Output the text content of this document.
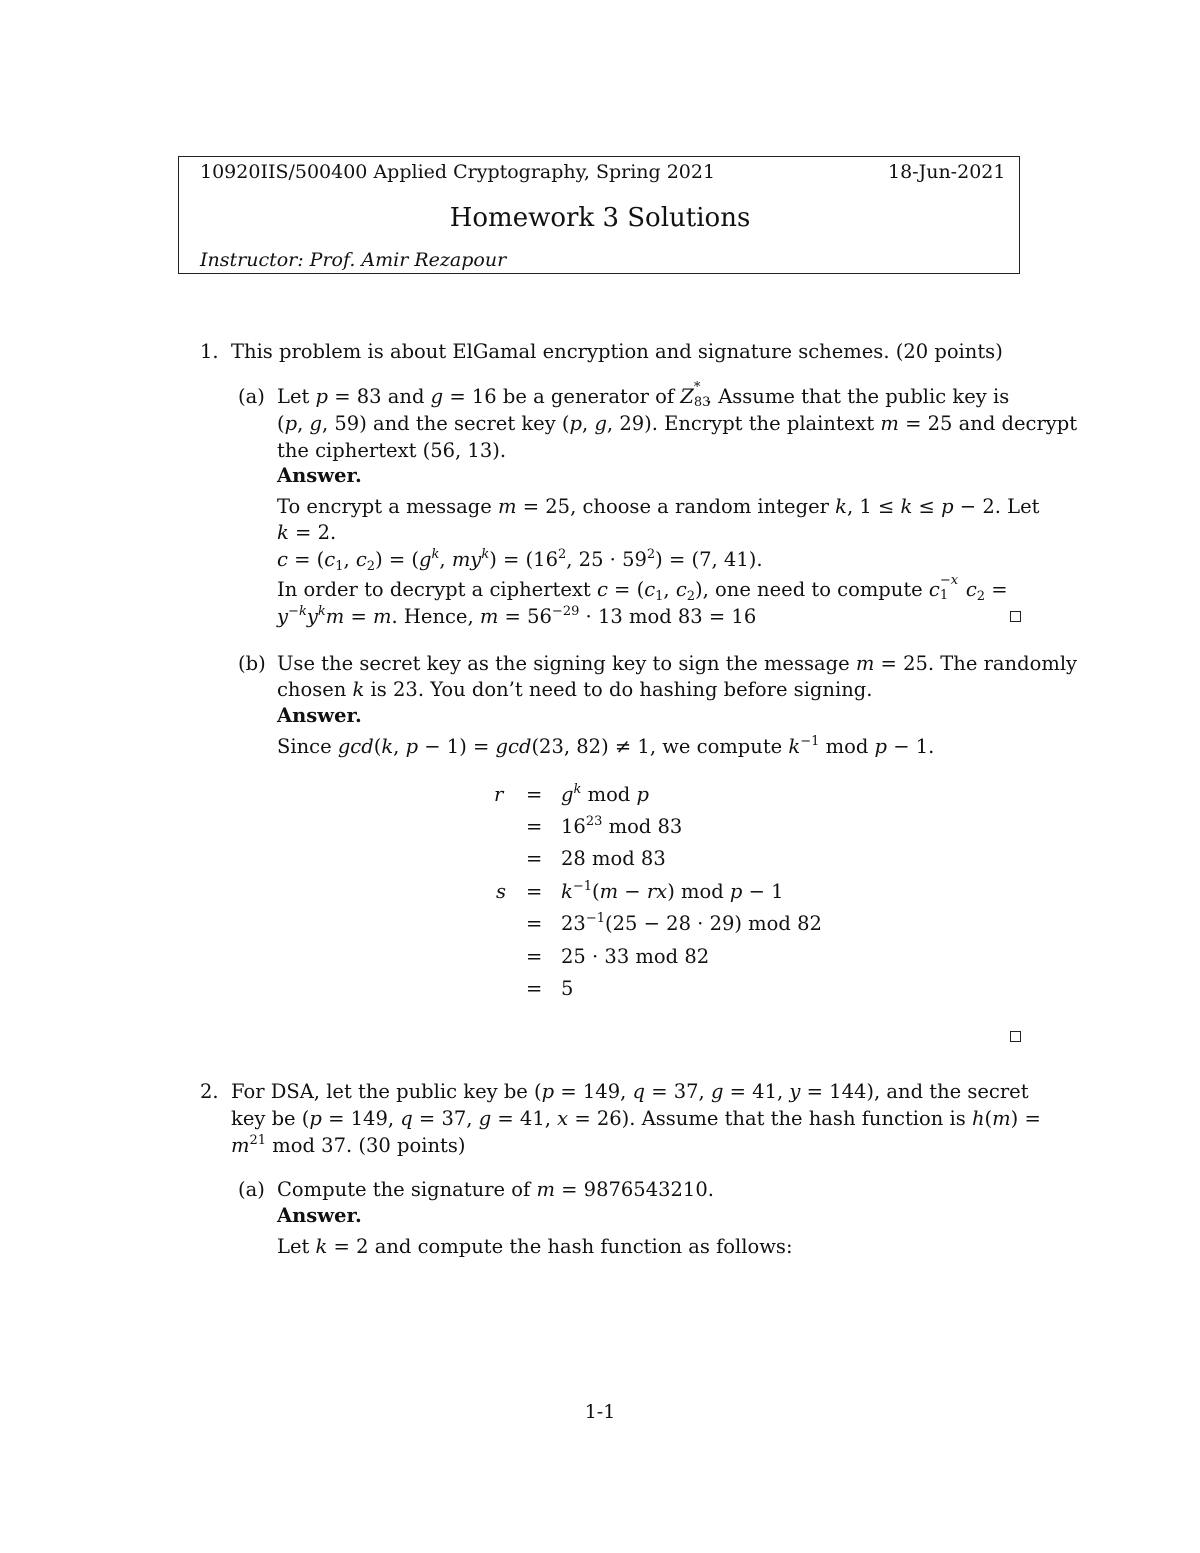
10920IIS/500400 Applied Cryptography, Spring 2021	18-Jun-2021
Homework 3 Solutions
Instructor: Prof. Amir Rezapour
1. This problem is about ElGamal encryption and signature schemes. (20 points)
(a) Let p = 83 and g = 16 be a generator of Z *
83
. Assume that the public key is
(p, g, 59) and the secret key (p, g, 29). Encrypt the plaintext m = 25 and decrypt
the ciphertext (56, 13).
Answer.
To encrypt a message m = 25, choose a random integer k, 1 ≤ k ≤ p − 2. Let
k = 2.
$c = (c_1$, $c_2) = (g^k$, $my^k) = (16^2$, $25 \cdot 59^2) = (7$, 41).
In order to decrypt a ciphertext $c = (c_1$, $c_2$), one need to compute c −x
1 $c_2$ =
$y^{-k}y^km = m$. Hence, $m = 56^{-29} \cdot 13$ mod 83 = 16
(b) Use the secret key as the signing key to sign the message m = 25. The randomly
chosen k is 23. You don’t need to do hashing before signing.
Answer.
Since gcd(k, p − 1) = gcd(23, 82) ≠ 1, we compute $k^{-1}$ mod p − 1.
$r = g^k$ mod p
= $16^{23}$ mod 83
= 28 mod 83
$s = k^{-1}(m - rx)$ mod p − 1
= $23^{-1}(25 - 28 \cdot 29)$ mod 82
= 25 · 33 mod 82
= 5
2. For DSA, let the public key be (p = 149, q = 37, g = 41, y = 144), and the secret
key be (p = 149, q = 37, g = 41, x = 26). Assume that the hash function is h(m) =
$m^{21}$ mod 37. (30 points)
(a) Compute the signature of m = 9876543210.
Answer.
Let k = 2 and compute the hash function as follows:
1-1
